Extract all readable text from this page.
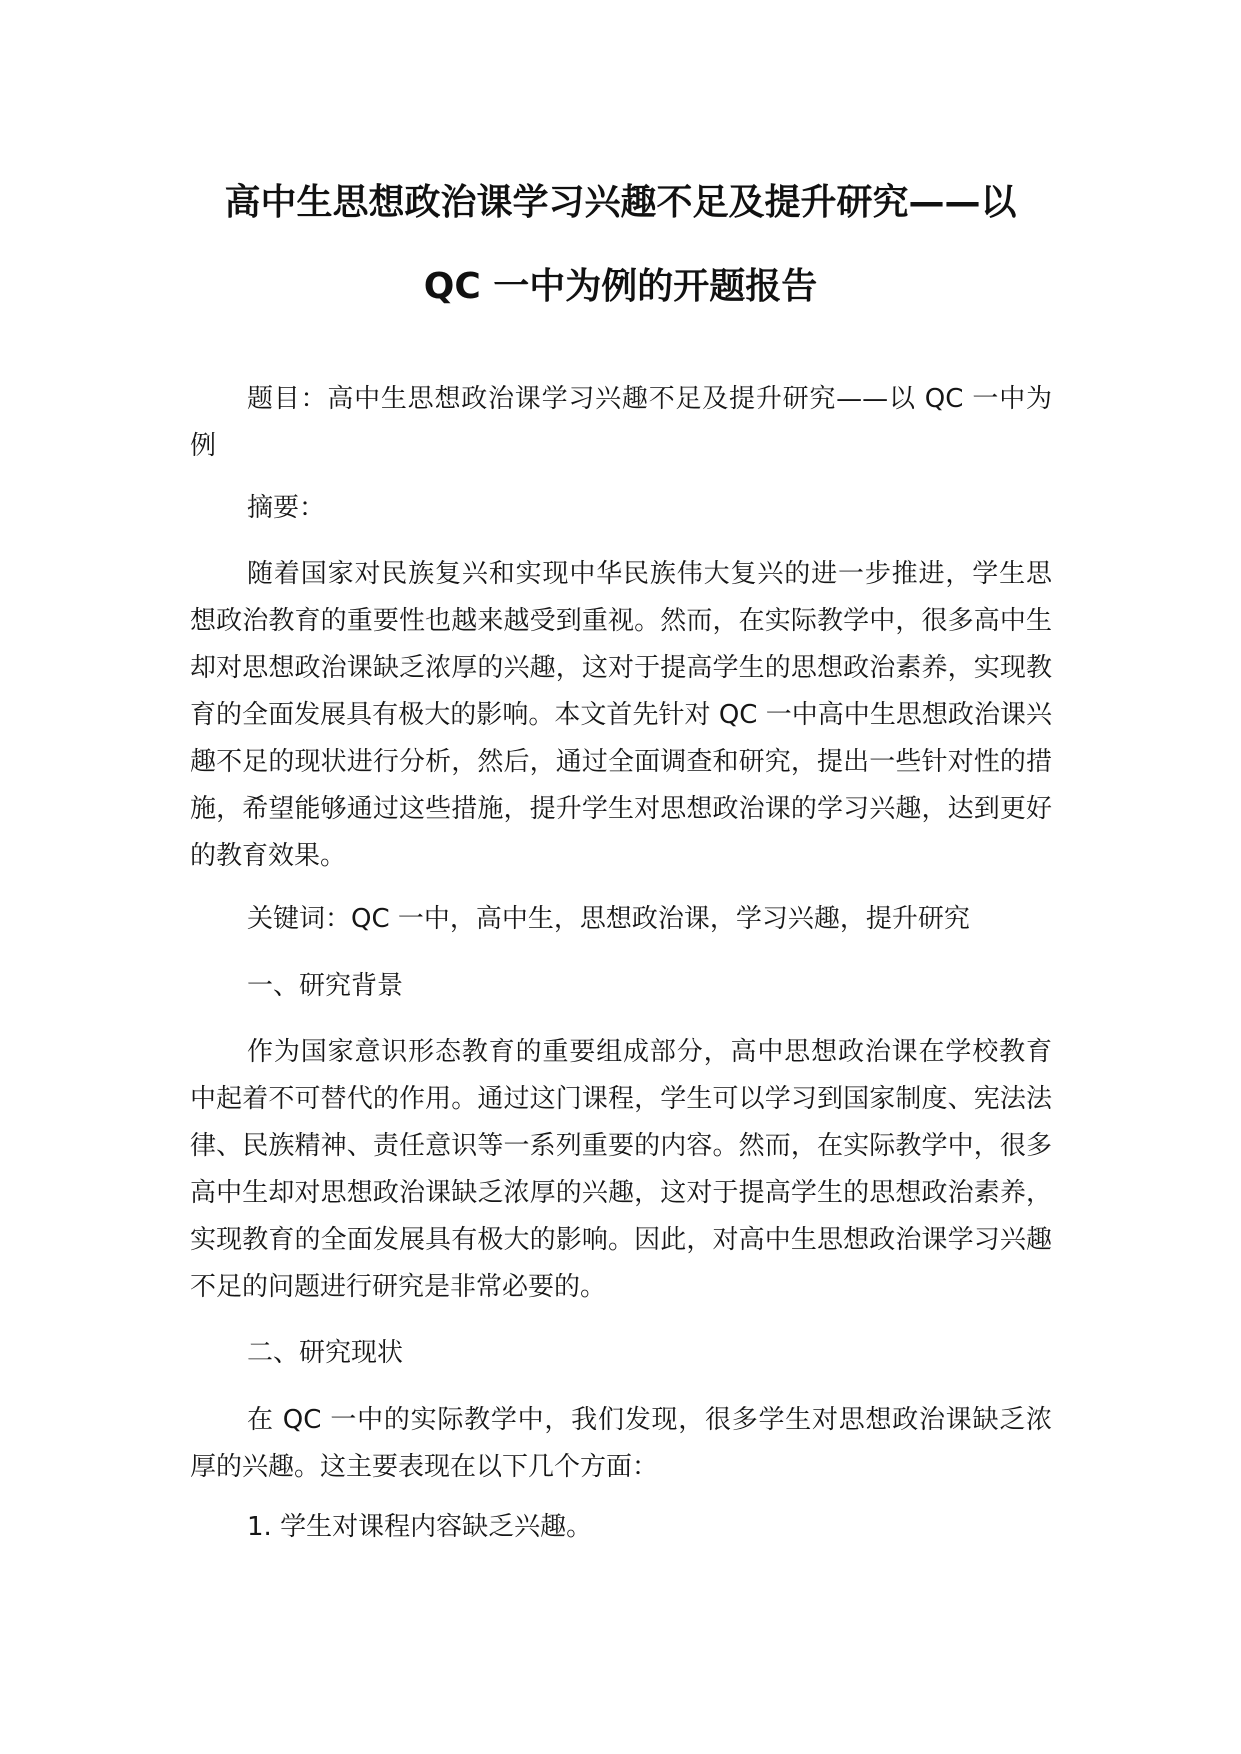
高中生思想政治课学习兴趣不足及提升研究——以
QC 一中为例的开题报告

题目：高中生思想政治课学习兴趣不足及提升研究——以 QC 一中为例

摘要：

随着国家对民族复兴和实现中华民族伟大复兴的进一步推进，学生思想政治教育的重要性也越来越受到重视。然而，在实际教学中，很多高中生却对思想政治课缺乏浓厚的兴趣，这对于提高学生的思想政治素养，实现教育的全面发展具有极大的影响。本文首先针对 QC 一中高中生思想政治课兴趣不足的现状进行分析，然后，通过全面调查和研究，提出一些针对性的措施，希望能够通过这些措施，提升学生对思想政治课的学习兴趣，达到更好的教育效果。

关键词：QC 一中，高中生，思想政治课，学习兴趣，提升研究

一、研究背景

作为国家意识形态教育的重要组成部分，高中思想政治课在学校教育中起着不可替代的作用。通过这门课程，学生可以学习到国家制度、宪法法律、民族精神、责任意识等一系列重要的内容。然而，在实际教学中，很多高中生却对思想政治课缺乏浓厚的兴趣，这对于提高学生的思想政治素养，实现教育的全面发展具有极大的影响。因此，对高中生思想政治课学习兴趣不足的问题进行研究是非常必要的。

二、研究现状

在 QC 一中的实际教学中，我们发现，很多学生对思想政治课缺乏浓厚的兴趣。这主要表现在以下几个方面：

1. 学生对课程内容缺乏兴趣。
